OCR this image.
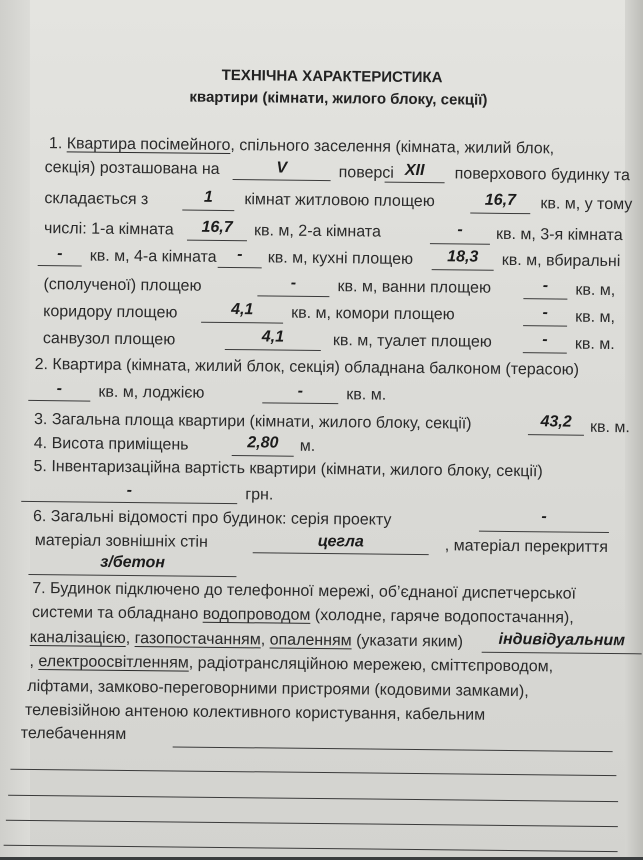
ТЕХНІЧНА ХАРАКТЕРИСТИКА
квартири (кімнати, жилого блоку, секції)
1. Квартира посімейного, спільного заселення (кімната, жилий блок,
секція) розташована на	V	поверсі XII	поверхового будинку та
складається з	1	кімнат житловою площею	16,7	кв. м, у тому
числі: 1-а кімната	16,7	кв. м, 2-а кімната	-	кв. м, 3-я кімната
-	кв. м, 4-а кімната	-	кв. м, кухні площею	18,3	кв. м, вбиральні
(сполученої) площею	-	кв. м, ванни площею	-	кв. м,
коридору площею	4,1	кв. м, комори площею	-	кв. м,
санвузол площею	4,1	кв. м, туалет площею	-	кв. м.
2. Квартира (кімната, жилий блок, секція) обладнана балконом (терасою)
-	кв. м, лоджією	-	кв. м.
3. Загальна площа квартири (кімнати, жилого блоку, секції)	43,2	кв. м.
4. Висота приміщень	2,80	м.
5. Інвентаризаційна вартість квартири (кімнати, жилого блоку, секції)
-	грн.
6. Загальні відомості про будинок: серія проекту	-
матеріал зовнішніх стін	цегла	, матеріал перекриття
з/бетон
7. Будинок підключено до телефонної мережі, об’єднаної диспетчерської
системи та обладнано водопроводом (холодне, гаряче водопостачання),
каналізацією, газопостачанням, опаленням (указати яким)	індивідуальним
, електроосвітленням, радіотрансляційною мережею, сміттєпроводом,
ліфтами, замково-переговорними пристроями (кодовими замками),
телевізійною антеною колективного користування, кабельним
телебаченням
